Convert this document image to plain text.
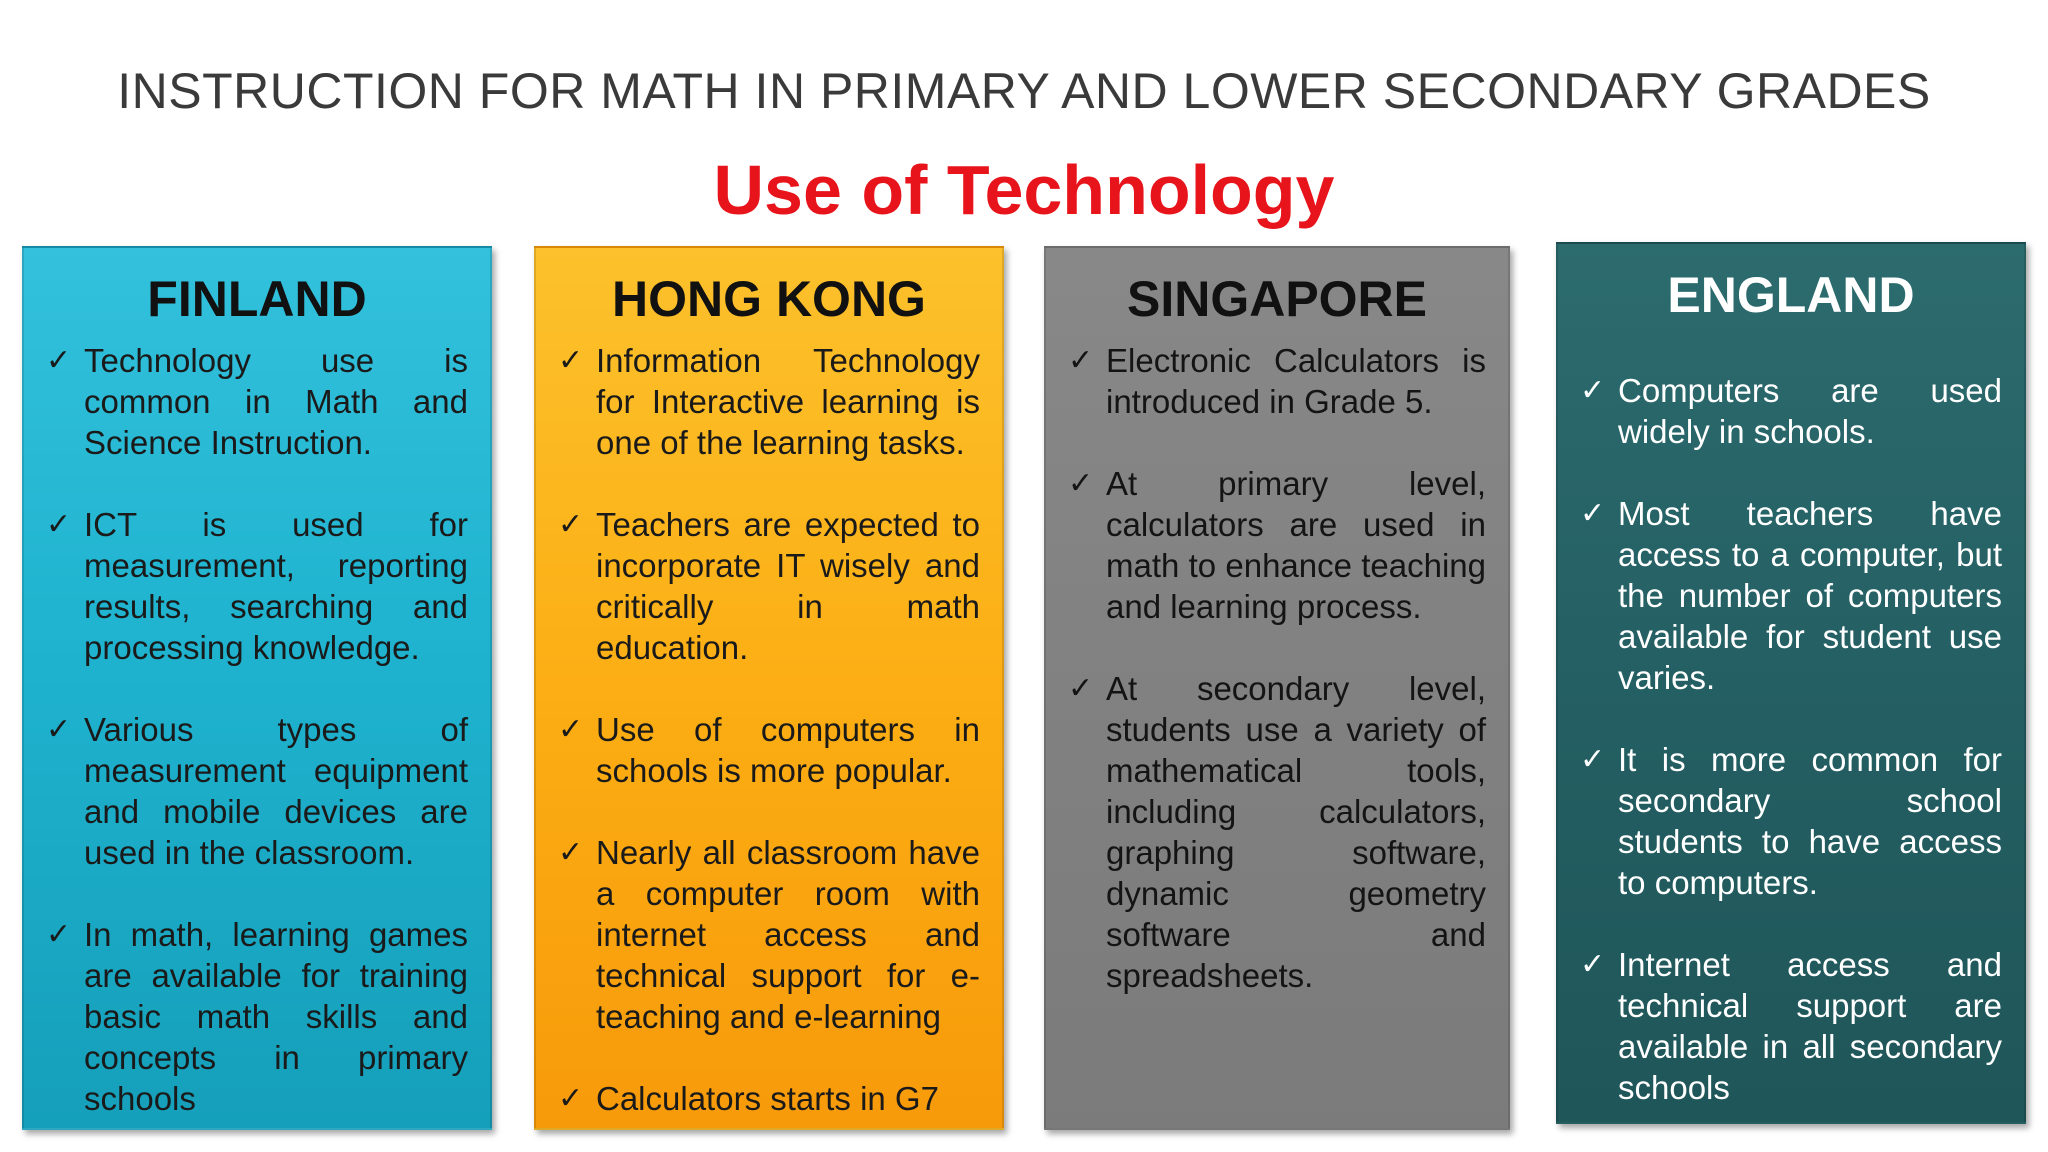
INSTRUCTION FOR MATH IN PRIMARY AND LOWER SECONDARY GRADES
Use of Technology
FINLAND
✓ Technology use is common in Math and Science Instruction.
✓ ICT is used for measurement, reporting results, searching and processing knowledge.
✓ Various types of measurement equipment and mobile devices are used in the classroom.
✓ In math, learning games are available for training basic math skills and concepts in primary schools
HONG KONG
✓ Information Technology for Interactive learning is one of the learning tasks.
✓ Teachers are expected to incorporate IT wisely and critically in math education.
✓ Use of computers in schools is more popular.
✓ Nearly all classroom have a computer room with internet access and technical support for e-teaching and e-learning
✓ Calculators starts in G7
SINGAPORE
✓ Electronic Calculators is introduced in Grade 5.
✓ At primary level, calculators are used in math to enhance teaching and learning process.
✓ At secondary level, students use a variety of mathematical tools, including calculators, graphing software, dynamic geometry software and spreadsheets.
ENGLAND
✓ Computers are used widely in schools.
✓ Most teachers have access to a computer, but the number of computers available for student use varies.
✓ It is more common for secondary school students to have access to computers.
✓ Internet access and technical support are available in all secondary schools
